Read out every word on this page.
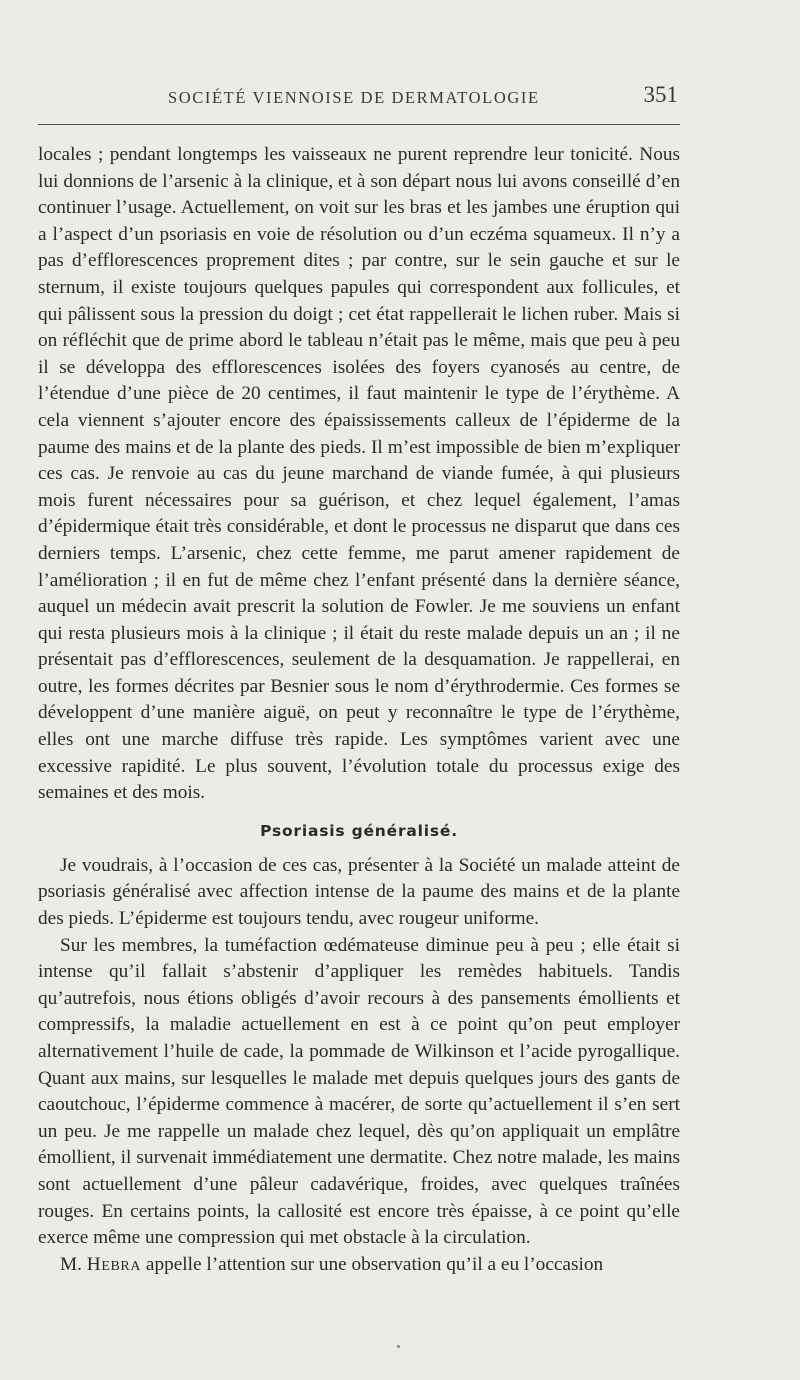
SOCIÉTÉ VIENNOISE DE DERMATOLOGIE	351

locales ; pendant longtemps les vaisseaux ne purent reprendre leur tonicité. Nous lui donnions de l’arsenic à la clinique, et à son départ nous lui avons conseillé d’en continuer l’usage. Actuellement, on voit sur les bras et les jambes une éruption qui a l’aspect d’un psoriasis en voie de résolution ou d’un eczéma squameux. Il n’y a pas d’efflorescences proprement dites ; par contre, sur le sein gauche et sur le sternum, il existe toujours quelques papules qui correspondent aux follicules, et qui pâlissent sous la pression du doigt ; cet état rappellerait le lichen ruber. Mais si on réfléchit que de prime abord le tableau n’était pas le même, mais que peu à peu il se développa des efflorescences isolées des foyers cyanosés au centre, de l’étendue d’une pièce de 20 centimes, il faut maintenir le type de l’érythème. A cela viennent s’ajouter encore des épaississements calleux de l’épiderme de la paume des mains et de la plante des pieds. Il m’est impossible de bien m’expliquer ces cas. Je renvoie au cas du jeune marchand de viande fumée, à qui plusieurs mois furent nécessaires pour sa guérison, et chez lequel également, l’amas d’épidermique était très considérable, et dont le processus ne disparut que dans ces derniers temps. L’arsenic, chez cette femme, me parut amener rapidement de l’amélioration ; il en fut de même chez l’enfant présenté dans la dernière séance, auquel un médecin avait prescrit la solution de Fowler. Je me souviens un enfant qui resta plusieurs mois à la clinique ; il était du reste malade depuis un an ; il ne présentait pas d’efflorescences, seulement de la desquamation. Je rappellerai, en outre, les formes décrites par Besnier sous le nom d’érythrodermie. Ces formes se développent d’une manière aiguë, on peut y reconnaître le type de l’érythème, elles ont une marche diffuse très rapide. Les symptômes varient avec une excessive rapidité. Le plus souvent, l’évolution totale du processus exige des semaines et des mois.

Psoriasis généralisé.

Je voudrais, à l’occasion de ces cas, présenter à la Société un malade atteint de psoriasis généralisé avec affection intense de la paume des mains et de la plante des pieds. L’épiderme est toujours tendu, avec rougeur uniforme.

Sur les membres, la tuméfaction œdémateuse diminue peu à peu ; elle était si intense qu’il fallait s’abstenir d’appliquer les remèdes habituels. Tandis qu’autrefois, nous étions obligés d’avoir recours à des pansements émollients et compressifs, la maladie actuellement en est à ce point qu’on peut employer alternativement l’huile de cade, la pommade de Wilkinson et l’acide pyrogallique. Quant aux mains, sur lesquelles le malade met depuis quelques jours des gants de caoutchouc, l’épiderme commence à macérer, de sorte qu’actuellement il s’en sert un peu. Je me rappelle un malade chez lequel, dès qu’on appliquait un emplâtre émollient, il survenait immédiatement une dermatite. Chez notre malade, les mains sont actuellement d’une pâleur cadavérique, froides, avec quelques traînées rouges. En certains points, la callosité est encore très épaisse, à ce point qu’elle exerce même une compression qui met obstacle à la circulation.

M. Hebra appelle l’attention sur une observation qu’il a eu l’occasion
